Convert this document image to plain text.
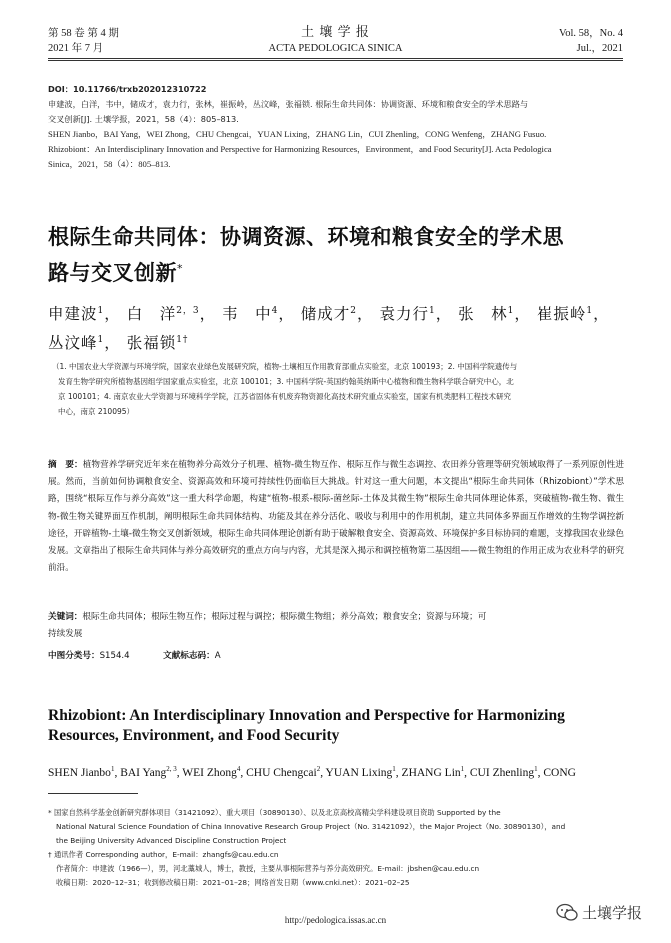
第 58 卷 第 4 期
2021 年 7 月
土 壤 学 报
ACTA PEDOLOGICA SINICA
Vol. 58，No. 4
Jul.，2021
DOI：10.11766/trxb202012310722
申建波，白洋，韦中，储成才，袁力行，张林，崔振岭，丛汶峰，张福锁. 根际生命共同体：协调资源、环境和粮食安全的学术思路与
交叉创新[J]. 土壤学报，2021，58（4）：805–813.
SHEN Jianbo，BAI Yang，WEI Zhong，CHU Chengcai，YUAN Lixing，ZHANG Lin，CUI Zhenling，CONG Wenfeng，ZHANG Fusuo.
Rhizobiont：An Interdisciplinary Innovation and Perspective for Harmonizing Resources，Environment，and Food Security[J]. Acta Pedologica
Sinica，2021，58（4）：805–813.
根际生命共同体：协调资源、环境和粮食安全的学术思
路与交叉创新*
申建波$^1$， 白　洋$^{2,3}$， 韦　中$^4$， 储成才$^2$， 袁力行$^1$， 张　林$^1$， 崔振岭$^1$，
丛汶峰$^1$， 张福锁$^{1\dagger}$
（1. 中国农业大学资源与环境学院，国家农业绿色发展研究院，植物-土壤相互作用教育部重点实验室，北京 100193；2. 中国科学院遗传与
发育生物学研究所植物基因组学国家重点实验室，北京 100101；3. 中国科学院-英国约翰英纳斯中心植物和微生物科学联合研究中心，北
京 100101；4. 南京农业大学资源与环境科学学院，江苏省固体有机废弃物资源化高技术研究重点实验室，国家有机类肥料工程技术研究
中心，南京 210095）
摘　要：植物营养学研究近年来在植物养分高效分子机理、植物-微生物互作、根际互作与微生态调控、农田养分管理等研究领域取得了一系列原创性进展。然而，当前如何协调粮食安全、资源高效和环境可持续性仍面临巨大挑战。针对这一重大问题，本文提出“根际生命共同体（Rhizobiont）”学术思路，围绕“根际互作与养分高效”这一重大科学命题，构建“植物-根系-根际-菌丝际-土体及其微生物”根际生命共同体理论体系，突破植物-微生物、微生物-微生物关键界面互作机制，阐明根际生命共同体结构、功能及其在养分活化、吸收与利用中的作用机制，建立共同体多界面互作增效的生物学调控新途径，开辟植物-土壤-微生物交叉创新领域，根际生命共同体理论创新有助于破解粮食安全、资源高效、环境保护多目标协同的难题，支撑我国农业绿色发展。文章指出了根际生命共同体与养分高效研究的重点方向与内容，尤其是深入揭示和调控植物第二基因组——微生物组的作用正成为农业科学的研究前沿。
关键词：根际生命共同体；根际生物互作；根际过程与调控；根际微生物组；养分高效；粮食安全；资源与环境；可
持续发展
中图分类号：S154.4	文献标志码：A
Rhizobiont: An Interdisciplinary Innovation and Perspective for Harmonizing
Resources, Environment, and Food Security
SHEN Jianbo$^1$, BAI Yang$^{2, 3}$, WEI Zhong$^4$, CHU Chengcai$^2$, YUAN Lixing$^1$, ZHANG Lin$^1$, CUI Zhenling$^1$, CONG
* 国家自然科学基金创新研究群体项目（31421092）、重大项目（30890130）、以及北京高校高精尖学科建设项目资助 Supported by the
National Natural Science Foundation of China Innovative Research Group Project（No. 31421092），the Major Project（No. 30890130），and
the Beijing University Advanced Discipline Construction Project
† 通讯作者 Corresponding author，E-mail：zhangfs@cau.edu.cn
作者简介：申建波（1966—），男，河北藁城人，博士，教授，主要从事根际营养与养分高效研究。E-mail：jbshen@cau.edu.cn
收稿日期：2020–12–31；收到修改稿日期：2021–01–28；网络首发日期（www.cnki.net）：2021–02–25
http://pedologica.issas.ac.cn	土壤学报
